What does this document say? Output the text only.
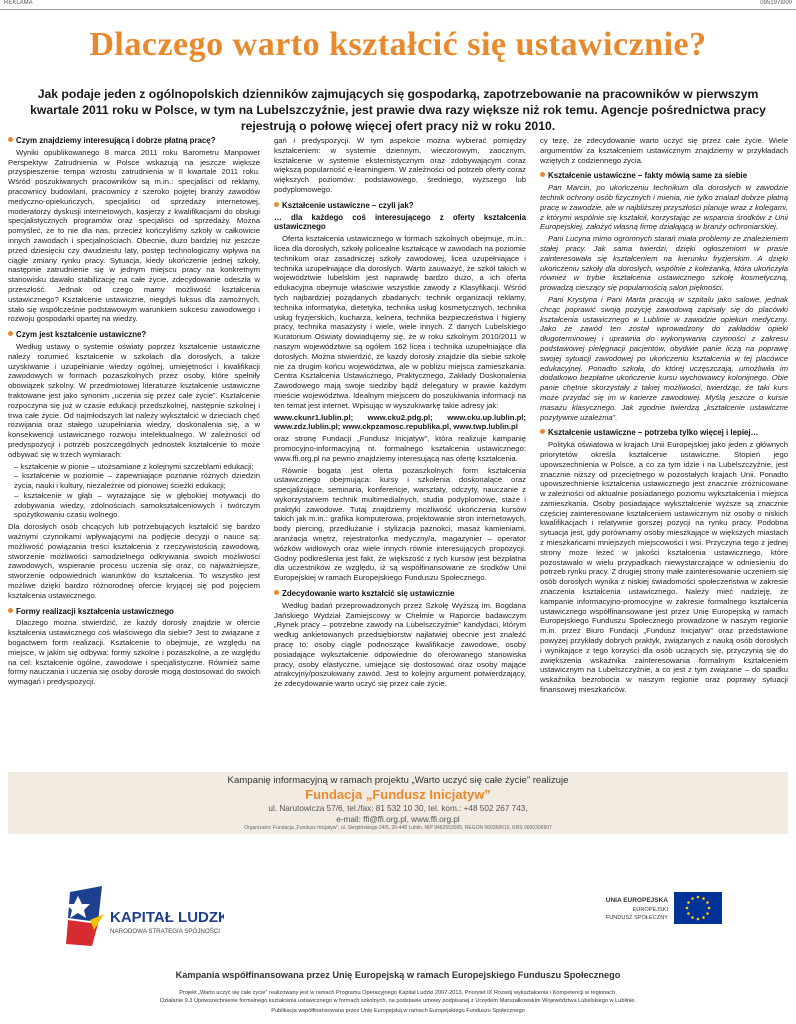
REKLAMA	0951978/00
Dlaczego warto kształcić się ustawicznie?

Jak podaje jeden z ogólnopolskich dzienników zajmujących się gospodarką, zapotrzebowanie na pracowników w pierwszym kwartale 2011 roku w Polsce, w tym na Lubelszczyźnie, jest prawie dwa razy większe niż rok temu. Agencje pośrednictwa pracy rejestrują o połowę więcej ofert pracy niż w roku 2010.

Czym znajdziemy interesującą i dobrze płatną pracę?

Wyniki opublikowanego 8 marca 2011 roku Barometru Manpower Perspektyw Zatrudnienia w Polsce wskazują na jeszcze większe przyspieszenie tempa wzrostu zatrudnienia w II kwartale 2011 roku. Wśród poszukiwanych pracowników są m.in.: specjaliści od reklamy, pracownicy budowlani, pracownicy z szeroko pojętej branży zawodów medyczno-opiekuńczych, specjaliści od sprzedaży internetowej, moderatorzy dyskusji internetowych, kasjerzy z kwalifikacjami do obsługi specjalistycznych programów oraz specjaliści od sprzedaży. Można pomyśleć, że to nie dla nas, przecież kończyliśmy szkoły w całkowicie innych zawodach i specjalnościach. Obecnie, dużo bardziej niż jeszcze przed dziesięciu czy dwudziestu laty, postęp technologiczny wpływa na ciągłe zmiany rynku pracy. Sytuacja, kiedy ukończenie jednej szkoły, następnie zatrudnienie się w jednym miejscu pracy na konkretnym stanowisku dawało stabilizację na całe życie, zdecydowanie odeszła w przeszłość. Jednak od czego mamy możliwość kształcenia ustawicznego? Kształcenie ustawiczne, niegdyś luksus dla zamożnych, stało się współcześnie podstawowym warunkiem sukcesu zawodowego i rozwoju gospodarki opartej na wiedzy.

Czym jest kształcenie ustawiczne?

Według ustawy o systemie oświaty poprzez kształcenie ustawiczne należy rozumieć kształcenie w szkołach dla dorosłych, a także uzyskiwanie i uzupełnianie wiedzy ogólnej, umiejętności i kwalifikacji zawodowych w formach pozaszkolnych przez osoby, które spełniły obowiązek szkolny. W przedmiotowej literaturze kształcenie ustawiczne traktowane jest jako synonim „uczenia się przez całe życie”. Kształcenie rozpoczyna się już w czasie edukacji przedszkolnej, następnie szkolnej i trwa całe życie. Od najmłodszych lat należy wykształcić w dzieciach chęć rozwijania oraz stałego uzupełniania wiedzy, doskonalenia się, a w konsekwencji ustawicznego rozwoju intelektualnego. W zależności od predyspozycji i potrzeb poszczególnych jednostek kształcenie to może odbywać się w trzech wymiarach:

– kształcenie w pionie – utożsamiane z kolejnymi szczeblami edukacji;
– kształcenie w poziomie – zapewniające poznanie różnych dziedzin życia, nauki i kultury, niezależnie od pionowej ścieżki edukacji;
– kształcenie w głąb – wyrażające się w głębokiej motywacji do zdobywania wiedzy, zdolnościach samokształceniowych i twórczym spożytkowaniu czasu wolnego.

Dla dorosłych osób chcących lub potrzebujących kształcić się bardzo ważnymi czynnikami wpływającymi na podjęcie decyzji o nauce są: możliwość powiązania treści kształcenia z rzeczywistością zawodową, stworzenie możliwości samodzielnego odkrywania swoich możliwości zawodowych, wspieranie procesu uczenia się oraz, co najważniejsze, stworzenie odpowiednich warunków do kształcenia. To wszystko jest możliwe dzięki bardzo różnorodnej ofercie kryjącej się pod pojęciem kształcenia ustawicznego.

Formy realizacji kształcenia ustawicznego

Dlaczego można stwierdzić, że każdy dorosły znajdzie w ofercie kształcenia ustawicznego coś właściwego dla siebie? Jest to związane z bogactwem form realizacji. Kształcenie to obejmuje, ze względu na miejsce, w jakim się odbywa: formy szkolne i pozaszkolne, a ze względu na cel: kształcenie ogólne, zawodowe i specjalistyczne. Również same formy nauczania i uczenia się osoby dorosłe mogą dostosować do swoich wymagań i predyspozycji.

gań i predyspozycji. W tym aspekcie można wybierać pomiędzy kształceniem: w systemie dziennym, wieczorowym, zaocznym, kształcenie w systemie eksternistycznym oraz zdobywającym coraz większą popularność e-learningiem. W zależności od potrzeb oferty coraz większych poziomów: podstawowego, średniego, wyższego lub podyplomowego.

Kształcenie ustawiczne – czyli jak?
… dla każdego coś interesującego z oferty kształcenia ustawicznego

Oferta kształcenia ustawicznego w formach szkolnych obejmuje, m.in.: licea dla dorosłych, szkoły policealne kształcące w zawodach na poziomie technikum oraz zasadniczej szkoły zawodowej, licea uzupełniające i technika uzupełniające dla dorosłych. Warto zauważyć, że szkół takich w województwie lubelskim jest naprawdę bardzo dużo, a ich oferta edukacyjna obejmuje właściwie wszystkie zawody z Klasyfikacji. Wśród tych najbardziej pożądanych zbadanych: technik organizacji reklamy, technika informatyka, dietetyka, technika usług kosmetycznych, technika usług fryzjerskich, kucharza, kelnera, technika bezpieczeństwa i higieny pracy, technika masażysty i wiele, wiele innych. Z danych Lubelskiego Kuratorium Oświaty dowiadujemy się, że w roku szkolnym 2010/2011 w naszym województwie są ogółem 162 licea i technika uzupełniające dla dorosłych. Można stwierdzić, że każdy dorosły znajdzie dla siebie szkołę nie za drugim końcu województwa, ale w pobliżu miejsca zamieszkania. Centra Kształcenia Ustawicznego, Praktycznego, Zakłady Doskonalenia Zawodowego mają swoje siedziby bądź delegatury w prawie każdym mieście województwa. Idealnym miejscem do poszukiwania informacji na ten temat jest internet. Wpisując w wyszukiwarkę takie adresy jak:

www.ckunr1.lublin.pl; www.cku2.pdg.pl; www.cku.up.lublin.pl; www.zdz.lublin.pl; www.ckpzamosc.republika.pl, www.twp.lublin.pl

oraz stronę Fundacji „Fundusz Inicjatyw”, która realizuje kampanię promocyjno-informacyjną nt. formalnego kształcenia ustawicznego: www.ffi.org.pl na pewno znajdziemy interesującą nas ofertę kształcenia.

Równie bogata jest oferta pozaszkolnych form kształcenia ustawicznego obejmująca: kursy i szkolenia doskonalące oraz specjalizujące, seminaria, konferencje, warsztaty, odczyty, nauczanie z wykorzystaniem technik multimedialnych, studia podyplomowe, staże i praktyki zawodowe. Tutaj znajdziemy możliwość ukończenia kursów takich jak m.in.: grafika komputerowa, projektowanie stron internetowych, body piercing, przedłużanie i stylizacja paznokci, masaż kamieniami, aranżacja wnętrz, rejestrator/ka medyczny/a, magazynier – operator wózków widłowych oraz wiele innych równie interesujących propozycji. Godny podkreślenia jest fakt, że większość z tych kursów jest bezpłatna dla uczestników ze względu, iż są współfinansowane ze środków Unii Europejskiej w ramach Europejskiego Funduszu Społecznego.

Zdecydowanie warto kształcić się ustawicznie

Według badań przeprowadzonych przez Szkołę Wyższą im. Bogdana Jańskiego Wydział Zamiejscowy w Chełmie w Raporcie badawczym „Rynek pracy – potrzebne zawody na Lubelszczyźnie” kandydaci, którym według ankietowanych przedsiębiorstw najłatwiej obecnie jest znaleźć pracę to: osoby ciągle podnoszące kwalifikacje zawodowe, osoby posiadające wykształcenie odpowiednie do oferowanego stanowiska pracy, osoby elastyczne, umiejące się dostosować oraz osoby mające atrakcyjny/poszukiwany zawód. Jest to kolejny argument potwierdzający, że zdecydowanie warto uczyć się przez całe życie.

cy tezę, że zdecydowanie warto uczyć się przez całe życie. Wiele argumentów za kształceniem ustawicznym znajdziemy w przykładach wziętych z codziennego życia.

Kształcenie ustawiczne – fakty mówią same za siebie

Pan Marcin, po ukończeniu technikum dla dorosłych w zawodzie technik ochrony osób fizycznych i mienia, nie tylko znalazł dobrze płatną pracę w zawodzie, ale w najbliższej przyszłości planuje wraz z kolegami, z którymi wspólnie się kształcił, korzystając ze wsparcia środków z Unii Europejskiej, założyć własną firmę działającą w branży ochroniarskiej.

Pani Lucyna mimo ogromnych starań miała problemy ze znalezieniem stałej pracy. Jak sama twierdzi, dzięki ogłoszeniom w prasie zainteresowała się kształceniem na kierunku fryzjerskim. A dzięki ukończeniu szkoły dla dorosłych, wspólnie z koleżanką, która ukończyła również w trybie kształcenia ustawicznego szkołę kosmetyczną, prowadzą cieszący się popularnością salon piękności.

Pani Krystyna i Pani Marta pracują w szpitalu jako salowe, jednak chcąc poprawić swoją pozycję zawodową zapisały się do placówki kształcenia ustawicznego w Lublinie w zawodzie opiekun medyczny. Jako że zawód ten został wprowadzony do zakładów opieki długoterminowej i uprawnia do wykonywania czynności z zakresu podstawowej pielęgnacji pacjentów, obydwie panie liczą na poprawę swojej sytuacji zawodowej po ukończeniu kształcenia w tej placówce edukacyjnej. Ponadto szkoła, do której uczęszczają, umożliwiła im dodatkowo bezpłatne ukończenie kursu wychowawcy kolonijnego. Obie panie chętnie skorzystały z takiej możliwości, twierdząc, że taki kurs może przydać się im w karierze zawodowej. Myślą jeszcze o kursie masażu klasycznego. Jak zgodnie twierdzą „kształcenie ustawiczne pozytywnie uzależnia”.

Kształcenie ustawiczne – potrzeba tylko więcej i lepiej…

Polityka oświatowa w krajach Unii Europejskiej jako jeden z głównych priorytetów określa kształcenie ustawiczne. Stopień jego upowszechnienia w Polsce, a co za tym idzie i na Lubelszczyźnie, jest znacznie niższy od przeciętnego w pozostałych krajach Unii. Ponadto upowszechnienie kształcenia ustawicznego jest znacznie zróżnicowane w zależności od aktualnie posiadanego poziomu wykształcenia i miejsca zamieszkania. Osoby posiadające wykształcenie wyższe są znacznie częściej zainteresowane kształceniem ustawicznym niż osoby o niskich kwalifikacjach i relatywnie gorszej pozycji na rynku pracy. Podobna sytuacja jest, gdy porównamy osoby mieszkające w większych miastach z mieszkańcami mniejszych miejscowości i wsi. Przyczyna tego z jednej strony może leżeć w jakości kształcenia ustawicznego, które pozostawało w wielu przypadkach niewystarczające w odniesieniu do potrzeb rynku pracy. Z drugiej strony małe zainteresowanie uczeniem się osób dorosłych wynika z niskiej świadomości społeczeństwa w zakresie znaczenia kształcenia ustawicznego. Należy mieć nadzieję, że kampanie informacyjno-promocyjne w zakresie formalnego kształcenia ustawicznego współfinansowane jest przez Unię Europejską w ramach Europejskiego Funduszu Społecznego prowadzone w naszym regionie m.in. przez Biuro Fundacji „Fundusz Inicjatyw” oraz przedstawione powyżej przykłady dobrych praktyk, związanych z nauką osób dorosłych i wynikające z tego korzyści dla osób uczących się, przyczynią się do zwiększenia wskaźnika zainteresowania formalnym kształceniem ustawicznym na Lubelszczyźnie, a co jest z tym związane – do spadku wskaźnika bezrobocia w naszym regionie oraz poprawy sytuacji finansowej mieszkańców.

Kampanię informacyjną w ramach projektu „Warto uczyć się całe życie” realizuje
Fundacja „Fundusz Inicjatyw”
ul. Narutowicza 57/6, tel./fax: 81 532 10 30, tel. kom.: +48 502 267 743,
e-mail: ffi@ffi.org.pl, www.ffi.org.pl
Organizator: Fundacja „Fundusz Inicjatyw”, ul. Sierpińskiego 24/5, 20-448 Lublin, NIP 9462553005, REGON 060368615, KRS 0000306907
KAPITAŁ LUDZKI
NARODOWA STRATEGIA SPÓJNOŚCI
UNIA EUROPEJSKA
EUROPEJSKI
FUNDUSZ SPOŁECZNY
Kampania współfinansowana przez Unię Europejską w ramach Europejskiego Funduszu Społecznego
Projekt „Warto uczyć się całe życie” realizowany jest w ramach Programu Operacyjnego Kapitał Ludzki 2007-2013, Priorytet IX Rozwój wykształcenia i Kompetencji w regionach,
Działanie 9.3 Upowszechnienie formalnego kształcenia ustawicznego w formach szkolnych, na podstawie umowy podpisanej z Urzędem Marszałkowskim Województwa Lubelskiego w Lublinie.
Publikacja współfinansowana przez Unię Europejską w ramach Europejskiego Funduszu Społecznego
